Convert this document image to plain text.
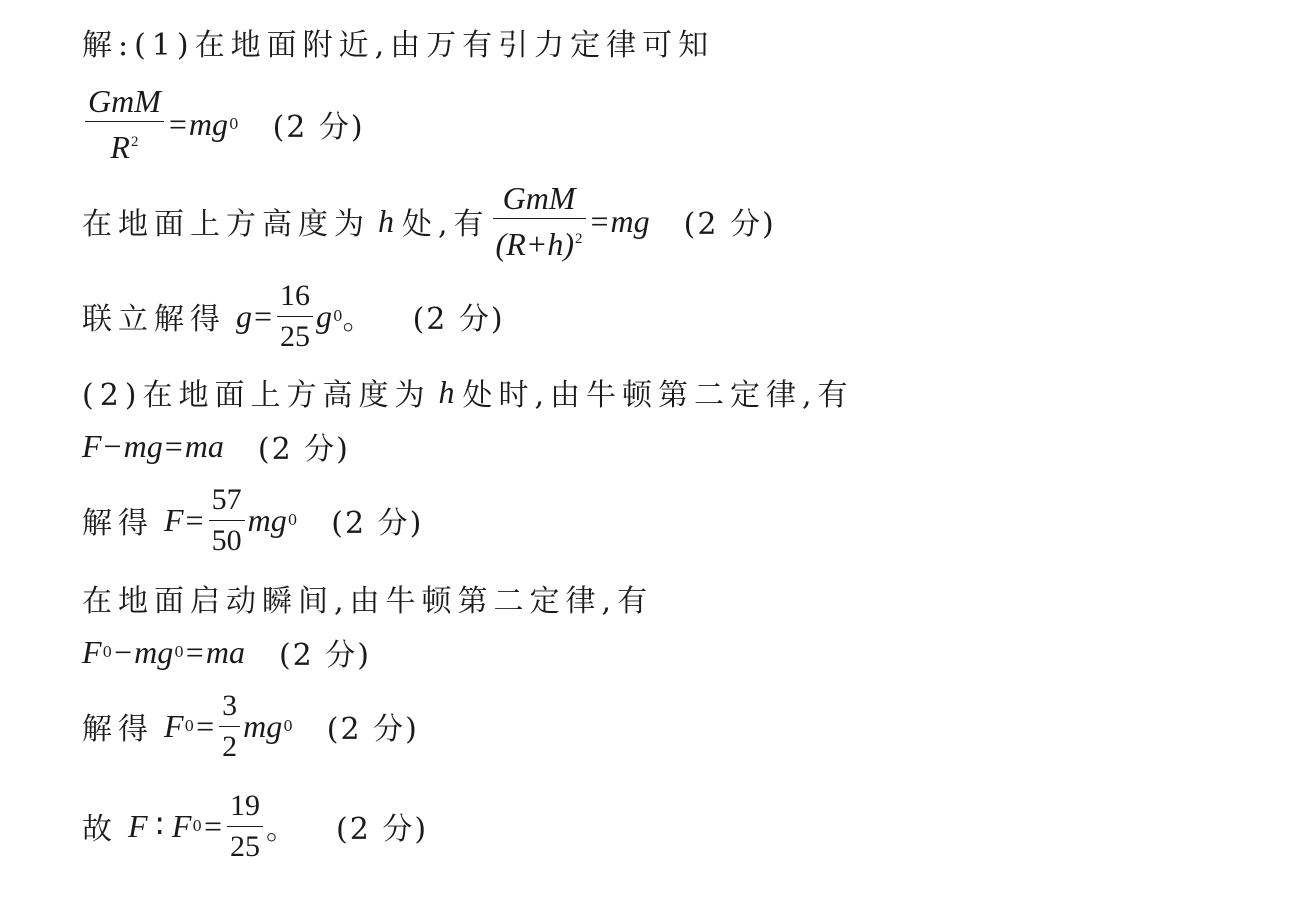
解:(1)在地面附近,由万有引力定律可知
$\frac{\text{GmM}}{R^2}$ = mg 0 (2 分)
在地面上方高度为 h 处,有 $\frac{\text{GmM}}{(R+h)^2}$ = mg (2 分)
联立解得 $g = \frac{16}{25}$ g 0 。 (2 分)
(2)在地面上方高度为 h 处时,由牛顿第二定律,有
F − mg = ma (2 分)
解得 $F = \frac{57}{50}$ mg 0 (2 分)
在地面启动瞬间,由牛顿第二定律,有
F 0 − mg 0 = ma (2 分)
解得 F $0 = \frac{3}{2}$ mg 0 (2 分)
故 F ∶ F $0 = \frac{19}{25}$ 。 (2 分)
